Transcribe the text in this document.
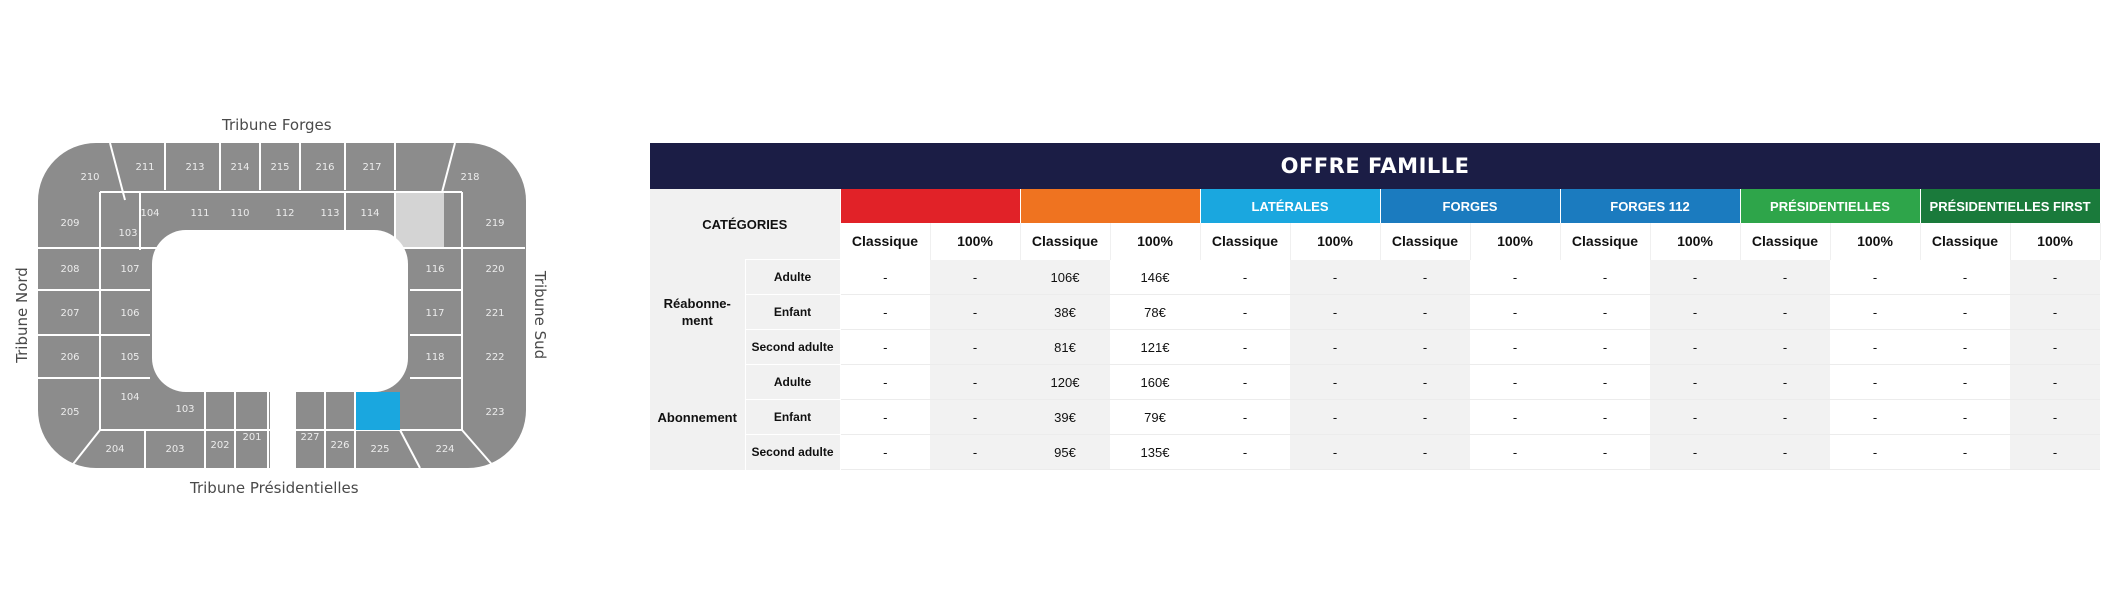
210
211	213	214 215	216	217
218
103
104	111 110	112	113 114
219
209
208
207
206
205
107
106
105
104
103
116
117
118
220
221
222
223
204	203	202
201	227
226 225	224
Tribune Forges
Tribune Présidentielles
Tribune Nord	Tribune Sud
OFFRE FAMILLE															
CATÉGORIES						LATÉRALES		FORGES		FORGES 112		PRÉSIDENTIELLES		PRÉSIDENTIELLES FIRST	
		Classique	100%	Classique	100%	Classique	100%	Classique	100%	Classique	100%	Classique	100%	Classique	100%
Réabonne-
ment	Adulte	-	-	106€	146€	-	-	-	-	-	-	-	-	-	-
	Enfant	-	-	38€	78€	-	-	-	-	-	-	-	-	-	-
	Second adulte	-	-	81€	121€	-	-	-	-	-	-	-	-	-	-
Abonnement	Adulte	-	-	120€	160€	-	-	-	-	-	-	-	-	-	-
	Enfant	-	-	39€	79€	-	-	-	-	-	-	-	-	-	-
	Second adulte	-	-	95€	135€	-	-	-	-	-	-	-	-	-	-
